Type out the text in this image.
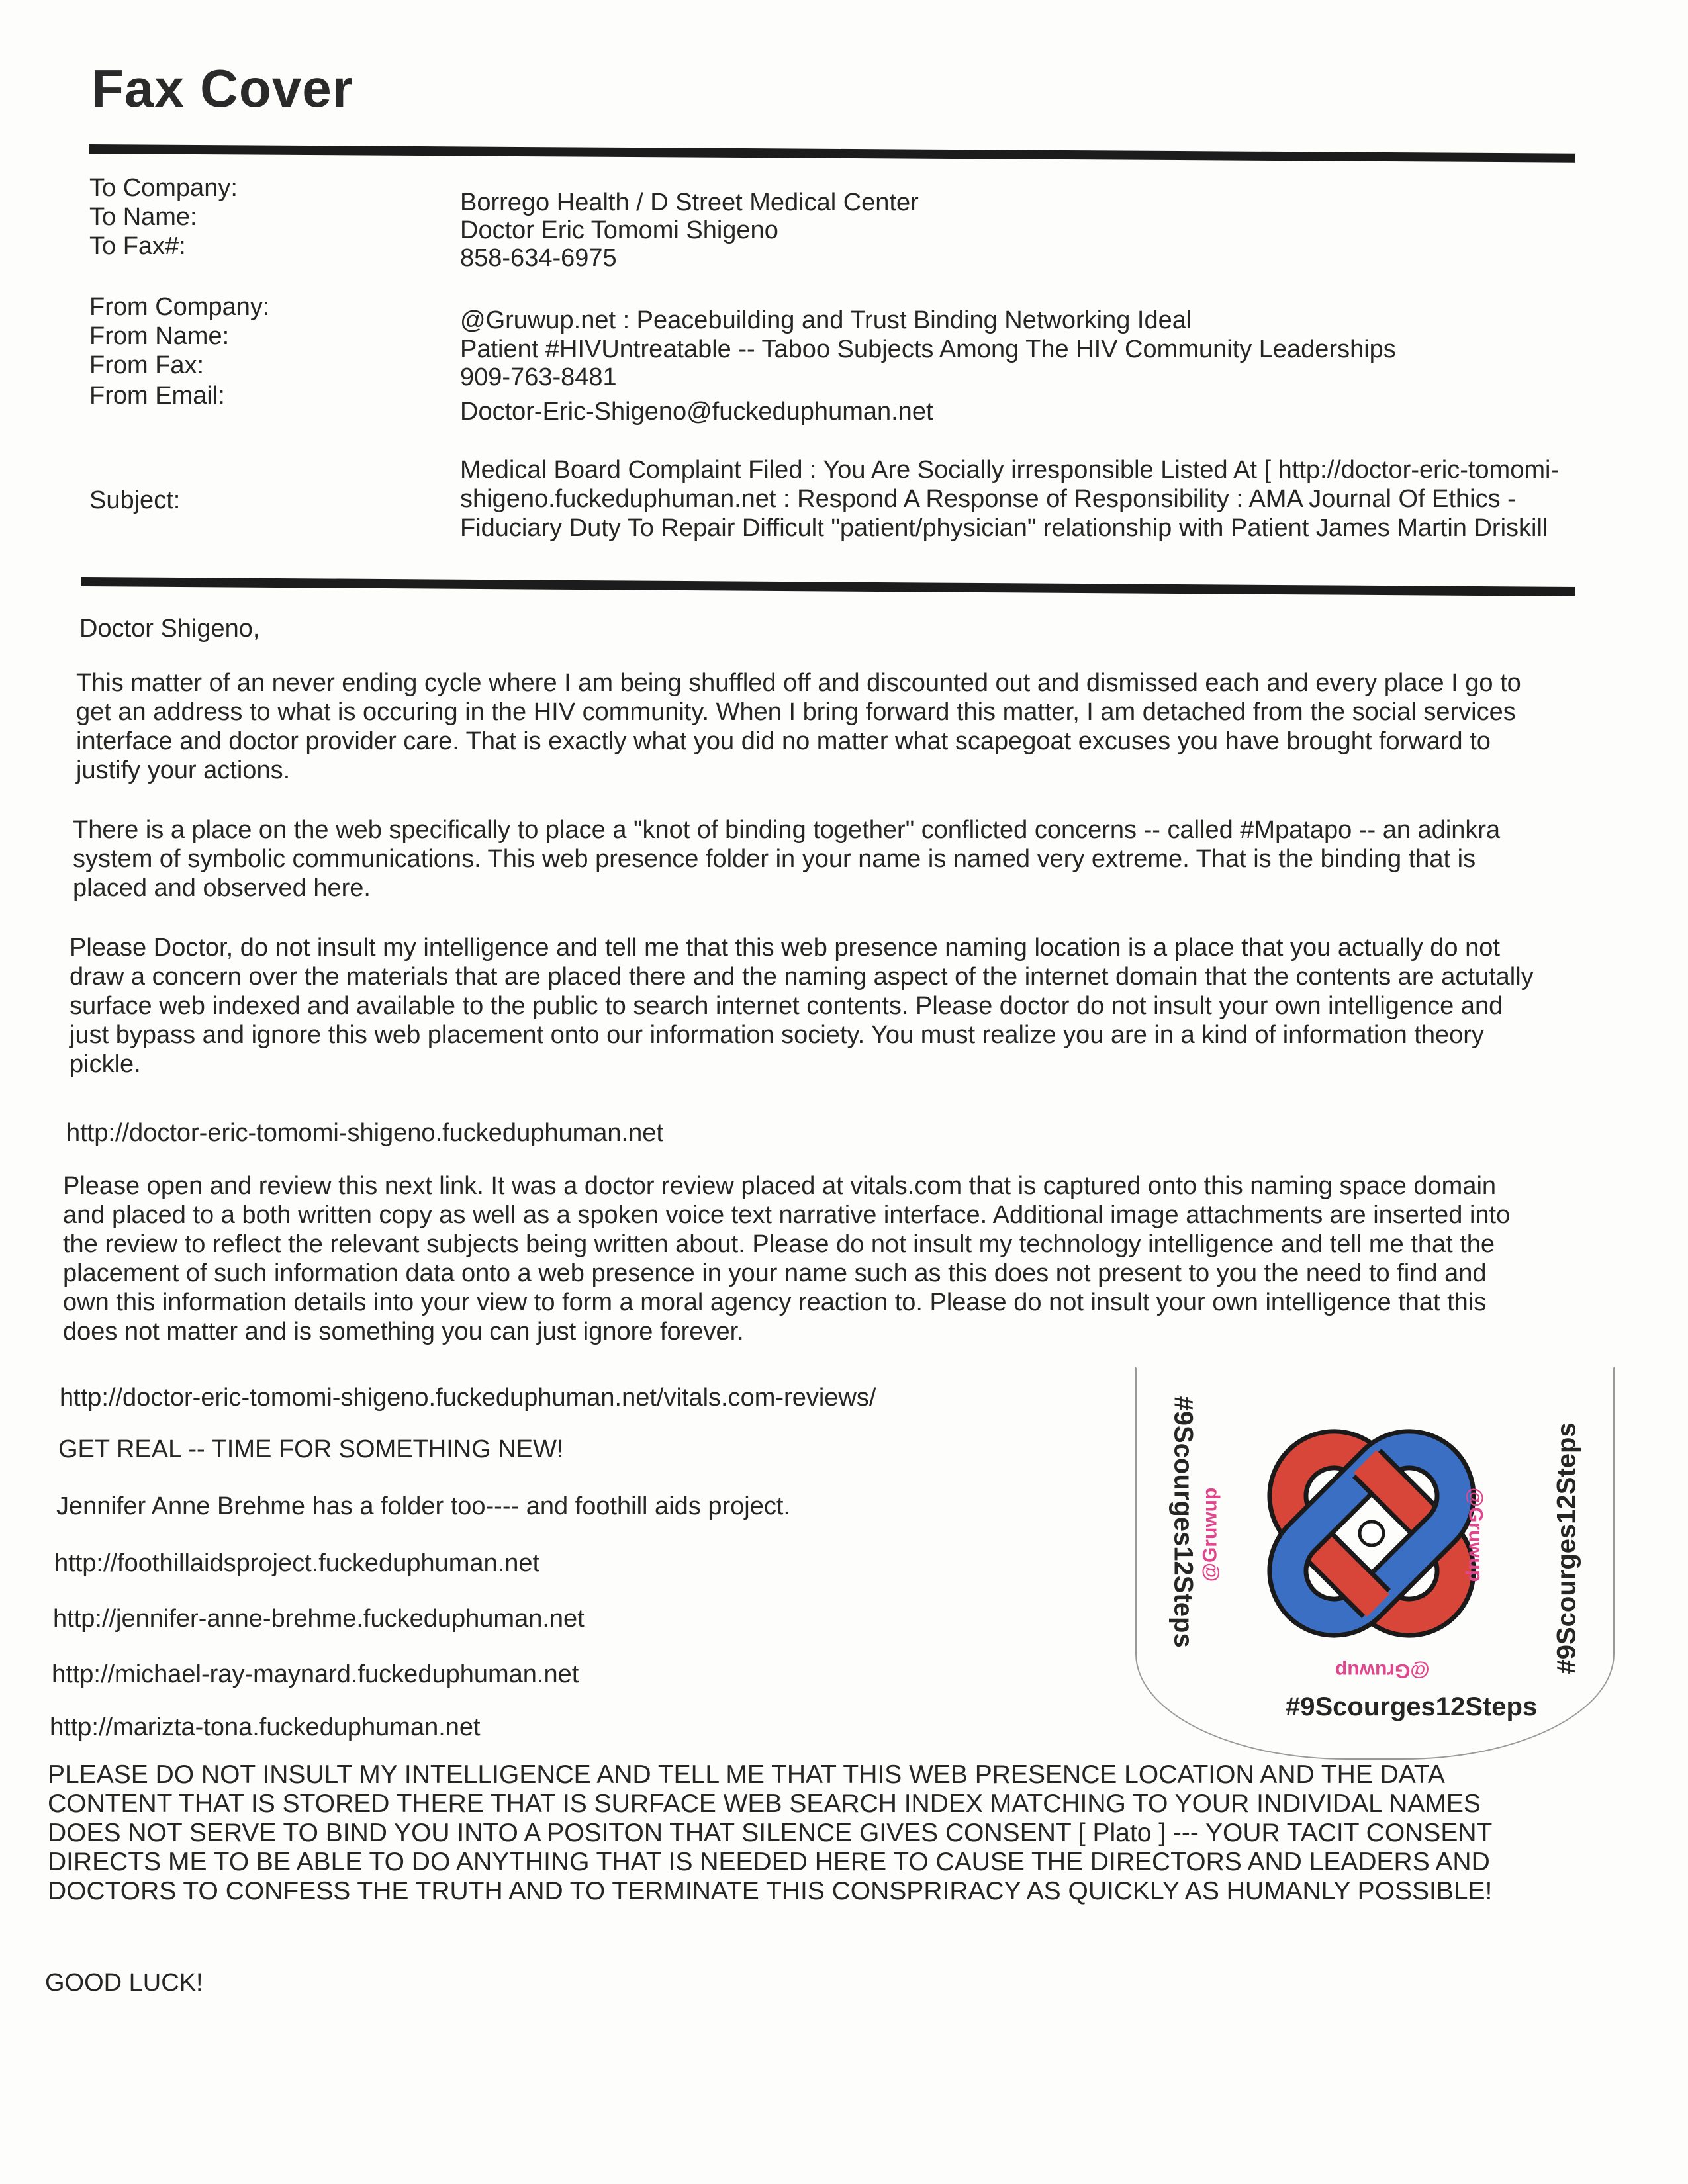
Fax Cover
To Company:
To Name:
To Fax#:
Borrego Health / D Street Medical Center
Doctor Eric Tomomi Shigeno
858-634-6975
From Company:
From Name:
From Fax:
From Email:
@Gruwup.net : Peacebuilding and Trust Binding Networking Ideal
Patient #HIVUntreatable -- Taboo Subjects Among The HIV Community Leaderships
909-763-8481
Doctor-Eric-Shigeno@fuckeduphuman.net
Subject:
Medical Board Complaint Filed : You Are Socially irresponsible Listed At [ http://doctor-eric-tomomi-shigeno.fuckeduphuman.net : Respond A Response of Responsibility : AMA Journal Of Ethics - Fiduciary Duty To Repair Difficult "patient/physician" relationship with Patient James Martin Driskill
Doctor Shigeno,
This matter of an never ending cycle where I am being shuffled off and discounted out and dismissed each and every place I go to get an address to what is occuring in the HIV community. When I bring forward this matter, I am detached from the social services interface and doctor provider care. That is exactly what you did no matter what scapegoat excuses you have brought forward to justify your actions.
There is a place on the web specifically to place a "knot of binding together" conflicted concerns -- called #Mpatapo -- an adinkra system of symbolic communications. This web presence folder in your name is named very extreme. That is the binding that is placed and observed here.
Please Doctor, do not insult my intelligence and tell me that this web presence naming location is a place that you actually do not draw a concern over the materials that are placed there and the naming aspect of the internet domain that the contents are actutally surface web indexed and available to the public to search internet contents. Please doctor do not insult your own intelligence and just bypass and ignore this web placement onto our information society. You must realize you are in a kind of information theory pickle.
http://doctor-eric-tomomi-shigeno.fuckeduphuman.net
Please open and review this next link. It was a doctor review placed at vitals.com that is captured onto this naming space domain and placed to a both written copy as well as a spoken voice text narrative interface. Additional image attachments are inserted into the review to reflect the relevant subjects being written about. Please do not insult my technology intelligence and tell me that the placement of such information data onto a web presence in your name such as this does not present to you the need to find and own this information details into your view to form a moral agency reaction to. Please do not insult your own intelligence that this does not matter and is something you can just ignore forever.
http://doctor-eric-tomomi-shigeno.fuckeduphuman.net/vitals.com-reviews/
GET REAL -- TIME FOR SOMETHING NEW!
Jennifer Anne Brehme has a folder too---- and foothill aids project.
http://foothillaidsproject.fuckeduphuman.net
http://jennifer-anne-brehme.fuckeduphuman.net
http://michael-ray-maynard.fuckeduphuman.net
http://marizta-tona.fuckeduphuman.net
PLEASE DO NOT INSULT MY INTELLIGENCE AND TELL ME THAT THIS WEB PRESENCE LOCATION AND THE DATA CONTENT THAT IS STORED THERE THAT IS SURFACE WEB SEARCH INDEX MATCHING TO YOUR INDIVIDAL NAMES DOES NOT SERVE TO BIND YOU INTO A POSITON THAT SILENCE GIVES CONSENT [ Plato ] --- YOUR TACIT CONSENT DIRECTS ME TO BE ABLE TO DO ANYTHING THAT IS NEEDED HERE TO CAUSE THE DIRECTORS AND LEADERS AND DOCTORS TO CONFESS THE TRUTH AND TO TERMINATE THIS CONSPRIRACY AS QUICKLY AS HUMANLY POSSIBLE!
GOOD LUCK!
#9Scourges12Steps
@Gruwup
#9Scourges12Steps @Gruwup	@Gruwup #9Scourges12Steps
